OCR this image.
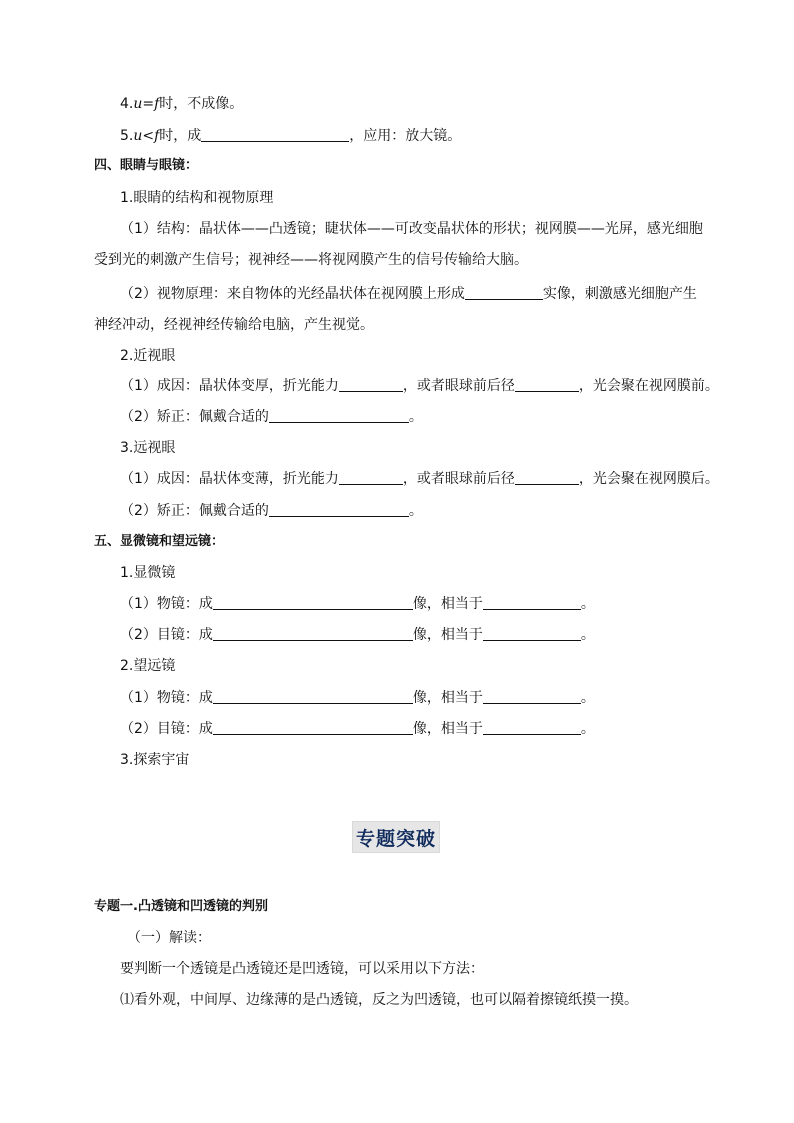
4.u=f时，不成像。
5.u<f时，成	，应用：放大镜。
四、眼睛与眼镜：
1.眼睛的结构和视物原理
（1）结构：晶状体——凸透镜；睫状体——可改变晶状体的形状；视网膜——光屏，感光细胞
受到光的刺激产生信号；视神经——将视网膜产生的信号传输给大脑。
（2）视物原理：来自物体的光经晶状体在视网膜上形成	实像，刺激感光细胞产生
神经冲动，经视神经传输给电脑，产生视觉。
2.近视眼
（1）成因：晶状体变厚，折光能力	，或者眼球前后径	，光会聚在视网膜前。
（2）矫正：佩戴合适的	。
3.远视眼
（1）成因：晶状体变薄，折光能力	，或者眼球前后径	，光会聚在视网膜后。
（2）矫正：佩戴合适的	。
五、显微镜和望远镜：
1.显微镜
（1）物镜：成	像，相当于	。
（2）目镜：成	像，相当于	。
2.望远镜
（1）物镜：成	像，相当于	。
（2）目镜：成	像，相当于	。
3.探索宇宙
专题突破
专题一.凸透镜和凹透镜的判别
（一）解读：
要判断一个透镜是凸透镜还是凹透镜，可以采用以下方法：
⑴看外观，中间厚、边缘薄的是凸透镜，反之为凹透镜，也可以隔着擦镜纸摸一摸。
